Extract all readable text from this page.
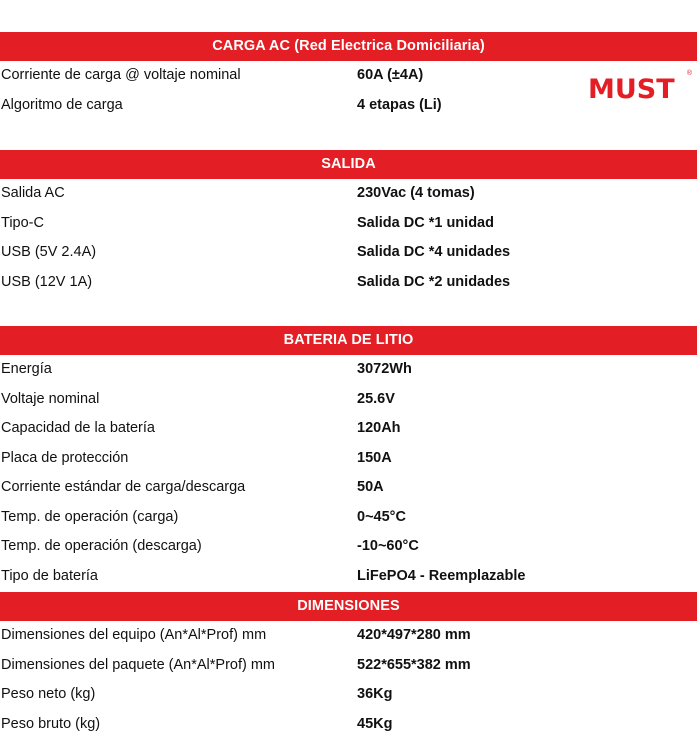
CARGA AC (Red Electrica Domiciliaria)
Corriente de carga @ voltaje nominal	60A (±4A)
Algoritmo de carga	4 etapas (Li)	MUST
®
SALIDA
Salida AC	230Vac (4 tomas)
Tipo-C	Salida DC *1 unidad
USB (5V 2.4A)	Salida DC *4 unidades
USB (12V 1A)	Salida DC *2 unidades
BATERIA DE LITIO
Energía	3072Wh
Voltaje nominal	25.6V
Capacidad de la batería	120Ah
Placa de protección	150A
Corriente estándar de carga/descarga	50A
Temp. de operación (carga)	0~45°C
Temp. de operación (descarga)	-10~60°C
Tipo de batería	LiFePO4 - Reemplazable
DIMENSIONES
Dimensiones del equipo (An*Al*Prof) mm	420*497*280 mm
Dimensiones del paquete (An*Al*Prof) mm	522*655*382 mm
Peso neto (kg)	36Kg
Peso bruto (kg)	45Kg
